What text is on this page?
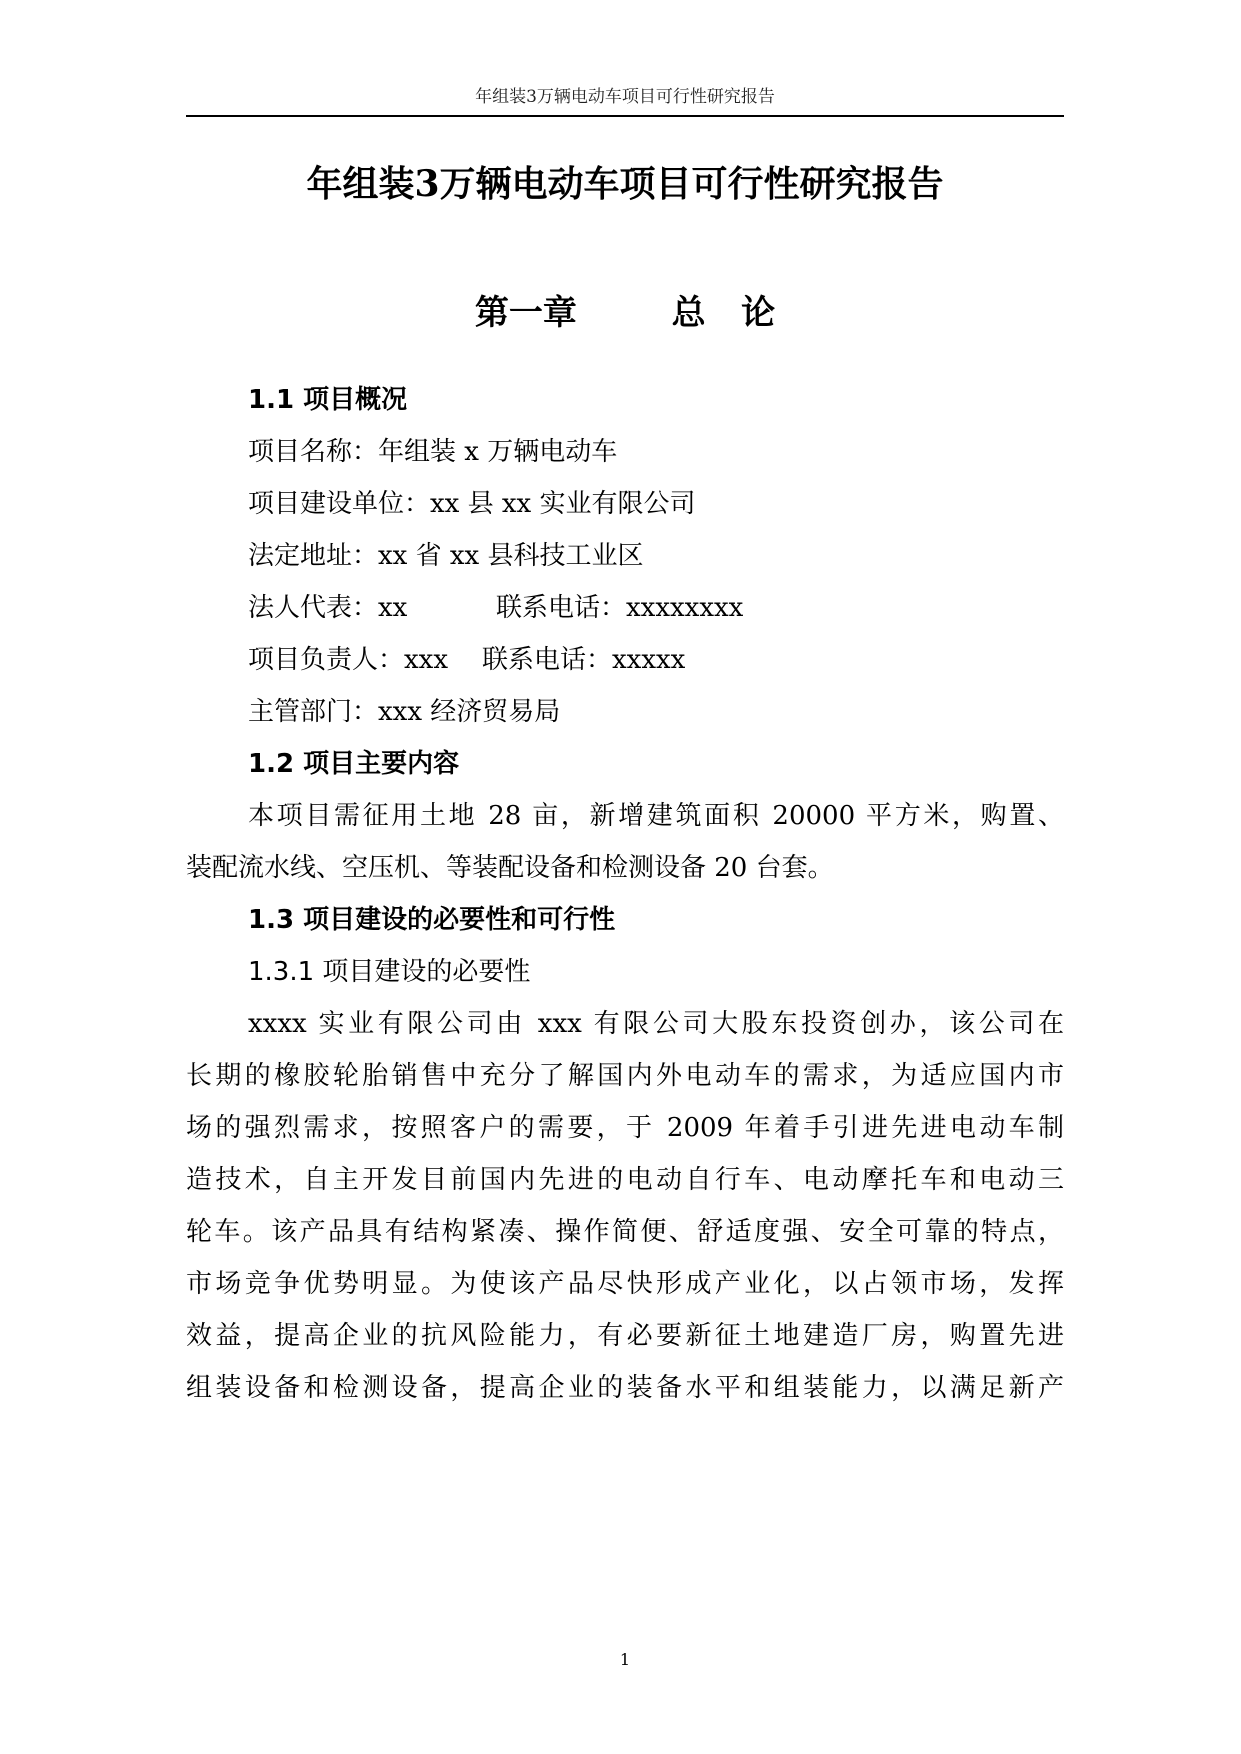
年组装3万辆电动车项目可行性研究报告
年组装3万辆电动车项目可行性研究报告
第一章        总   论
1.1 项目概况
项目名称：年组装 x 万辆电动车
项目建设单位：xx 县 xx 实业有限公司
法定地址：xx 省 xx 县科技工业区
法人代表：xx	联系电话：xxxxxxxx
项目负责人：xxx 联系电话：xxxxx
主管部门：xxx 经济贸易局
1.2 项目主要内容
本项目需征用土地 28 亩，新增建筑面积 20000 平方米，购置、
装配流水线、空压机、等装配设备和检测设备 20 台套。
1.3 项目建设的必要性和可行性
1.3.1 项目建设的必要性
xxxx 实业有限公司由 xxx 有限公司大股东投资创办，该公司在
长期的橡胶轮胎销售中充分了解国内外电动车的需求，为适应国内市
场的强烈需求，按照客户的需要，于 2009 年着手引进先进电动车制
造技术，自主开发目前国内先进的电动自行车、电动摩托车和电动三
轮车。该产品具有结构紧凑、操作简便、舒适度强、安全可靠的特点，
市场竞争优势明显。为使该产品尽快形成产业化，以占领市场，发挥
效益，提高企业的抗风险能力，有必要新征土地建造厂房，购置先进
组装设备和检测设备，提高企业的装备水平和组装能力，以满足新产
1
